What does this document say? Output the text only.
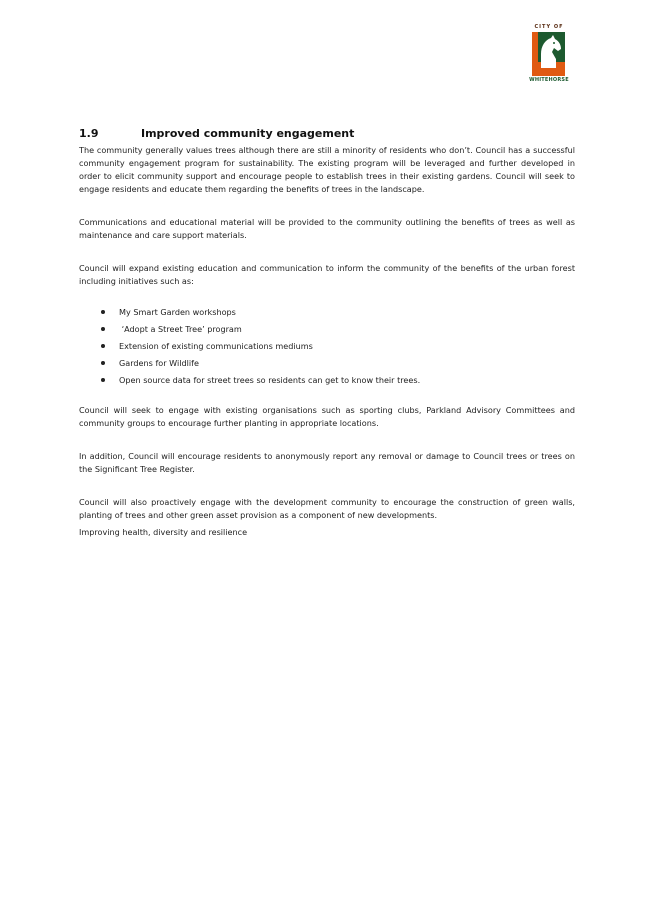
CITY OF
WHITEHORSE
1.9	Improved community engagement

The community generally values trees although there are still a minority of residents who don’t. Council has a successful community engagement program for sustainability. The existing program will be leveraged and further developed in order to elicit community support and encourage people to establish trees in their existing gardens. Council will seek to engage residents and educate them regarding the benefits of trees in the landscape.

Communications and educational material will be provided to the community outlining the benefits of trees as well as maintenance and care support materials.

Council will expand existing education and communication to inform the community of the benefits of the urban forest including initiatives such as:

My Smart Garden workshops
‘Adopt a Street Tree’ program
Extension of existing communications mediums
Gardens for Wildlife
Open source data for street trees so residents can get to know their trees.

Council will seek to engage with existing organisations such as sporting clubs, Parkland Advisory Committees and community groups to encourage further planting in appropriate locations.

In addition, Council will encourage residents to anonymously report any removal or damage to Council trees or trees on the Significant Tree Register.

Council will also proactively engage with the development community to encourage the construction of green walls, planting of trees and other green asset provision as a component of new developments.

Improving health, diversity and resilience
